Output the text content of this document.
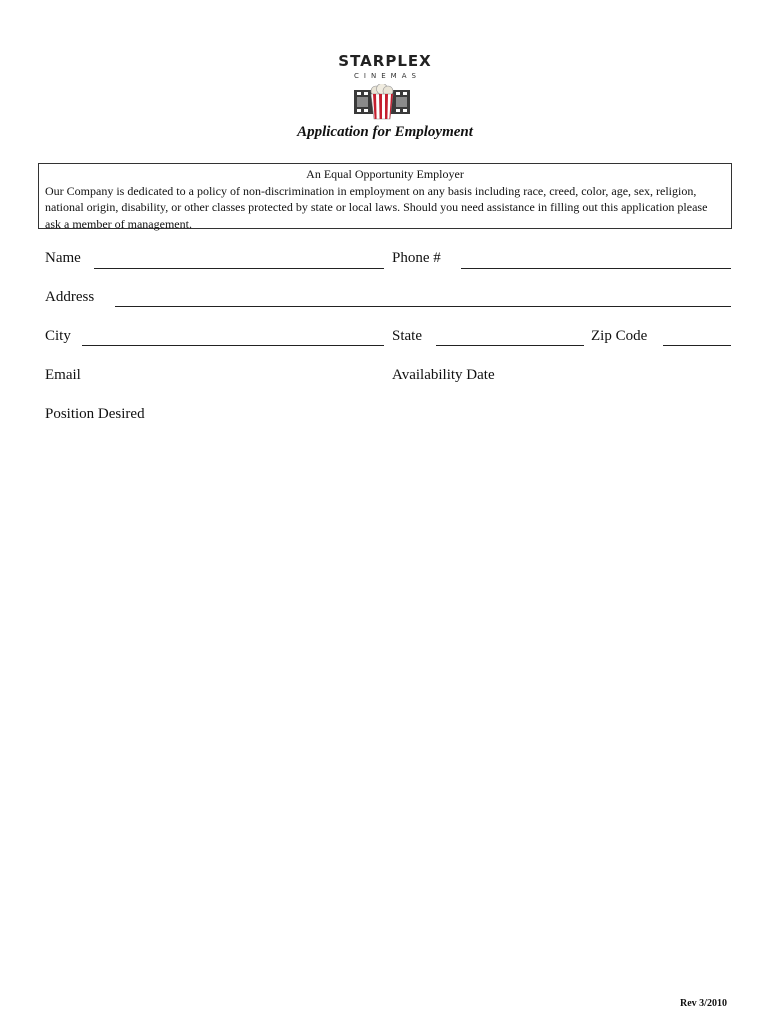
STARPLEX
CINEMAS
Application for Employment
An Equal Opportunity Employer
Our Company is dedicated to a policy of non-discrimination in employment on any basis including race, creed, color, age, sex, religion, national origin, disability, or other classes protected by state or local laws. Should you need assistance in filling out this application please ask a member of management.
Name	Phone #
Address
City	State	Zip Code
Email	Availability Date
Position Desired
Rev 3/2010
